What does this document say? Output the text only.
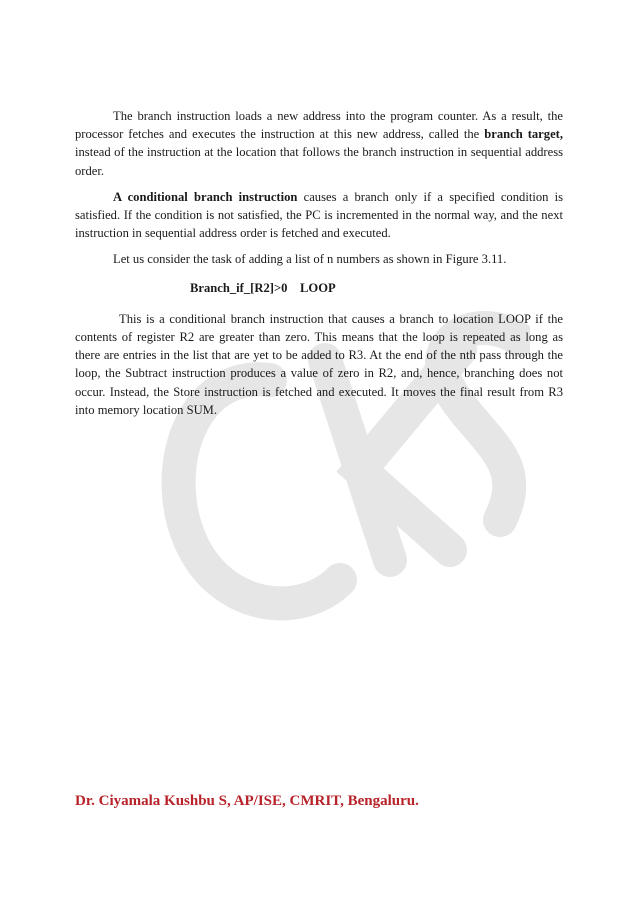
The branch instruction loads a new address into the program counter. As a result, the processor fetches and executes the instruction at this new address, called the branch target, instead of the instruction at the location that follows the branch instruction in sequential address order.

A conditional branch instruction causes a branch only if a specified condition is satisfied. If the condition is not satisfied, the PC is incremented in the normal way, and the next instruction in sequential address order is fetched and executed.

Let us consider the task of adding a list of n numbers as shown in Figure 3.11.

Branch_if_[R2]>0 LOOP

This is a conditional branch instruction that causes a branch to location LOOP if the contents of register R2 are greater than zero. This means that the loop is repeated as long as there are entries in the list that are yet to be added to R3. At the end of the nth pass through the loop, the Subtract instruction produces a value of zero in R2, and, hence, branching does not occur. Instead, the Store instruction is fetched and executed. It moves the final result from R3 into memory location SUM.

Dr. Ciyamala Kushbu S, AP/ISE, CMRIT, Bengaluru.
